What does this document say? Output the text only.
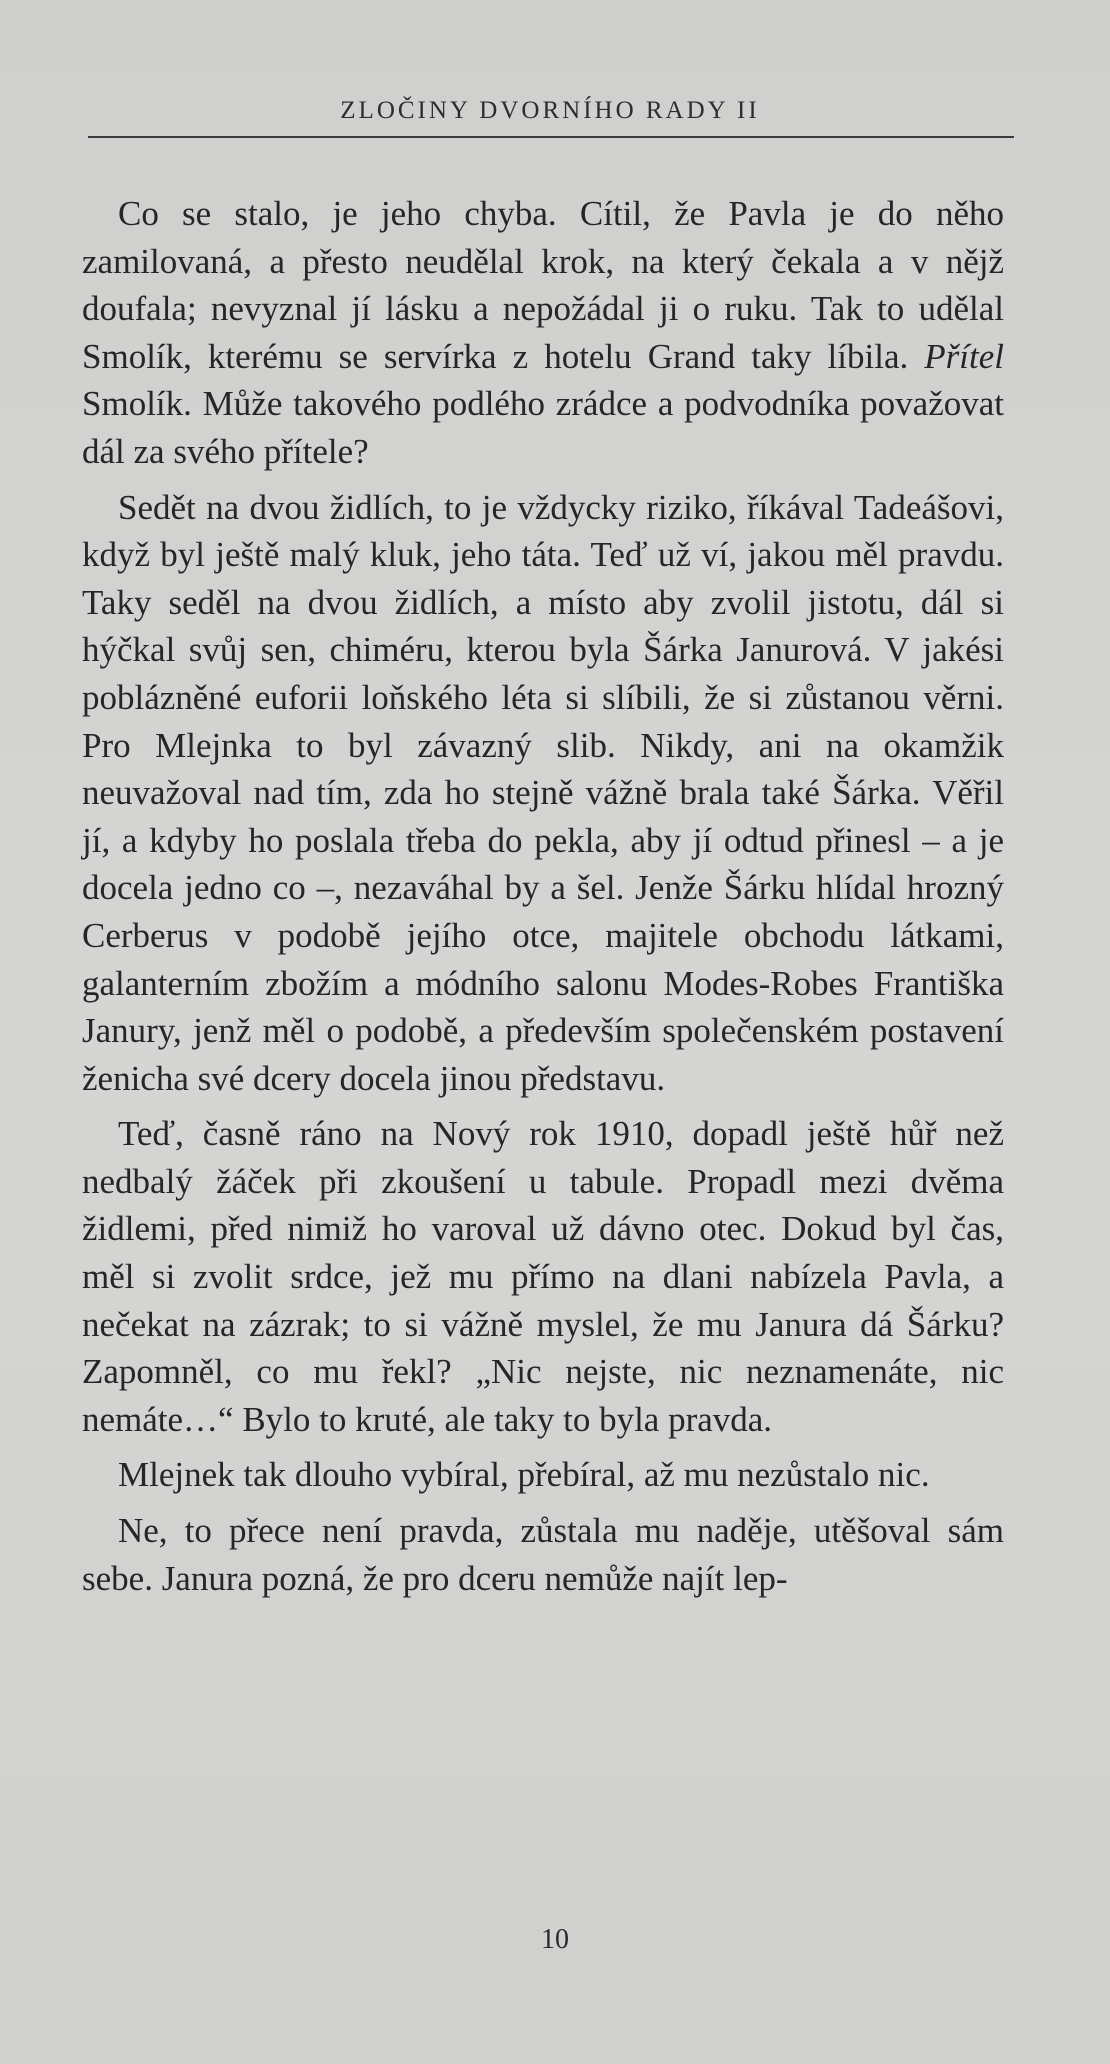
ZLOČINY DVORNÍHO RADY II

Co se stalo, je jeho chyba. Cítil, že Pavla je do něho zamilovaná, a přesto neudělal krok, na který čekala a v nějž doufala; nevyznal jí lásku a nepožádal ji o ruku. Tak to udělal Smolík, kterému se servírka z hotelu Grand taky líbila. Přítel Smolík. Může takového podlého zrádce a podvodníka považovat dál za svého přítele?

Sedět na dvou židlích, to je vždycky riziko, říkával Tadeášovi, když byl ještě malý kluk, jeho táta. Teď už ví, jakou měl pravdu. Taky seděl na dvou židlích, a místo aby zvolil jistotu, dál si hýčkal svůj sen, chiméru, kterou byla Šárka Janurová. V jakési poblázněné euforii loňského léta si slíbili, že si zůstanou věrni. Pro Mlejnka to byl závazný slib. Nikdy, ani na okamžik neuvažoval nad tím, zda ho stejně vážně brala také Šárka. Věřil jí, a kdyby ho poslala třeba do pekla, aby jí odtud přinesl – a je docela jedno co –, nezaváhal by a šel. Jenže Šárku hlídal hrozný Cerberus v podobě jejího otce, majitele obchodu látkami, galanterním zbožím a módního salonu Modes-Robes Františka Janury, jenž měl o podobě, a především společenském postavení ženicha své dcery docela jinou představu.

Teď, časně ráno na Nový rok 1910, dopadl ještě hůř než nedbalý žáček při zkoušení u tabule. Propadl mezi dvěma židlemi, před nimiž ho varoval už dávno otec. Dokud byl čas, měl si zvolit srdce, jež mu přímo na dlani nabízela Pavla, a nečekat na zázrak; to si vážně myslel, že mu Janura dá Šárku? Zapomněl, co mu řekl? „Nic nejste, nic neznamenáte, nic nemáte…“ Bylo to kruté, ale taky to byla pravda.

Mlejnek tak dlouho vybíral, přebíral, až mu nezůstalo nic.

Ne, to přece není pravda, zůstala mu naděje, utěšoval sám sebe. Janura pozná, že pro dceru nemůže najít lep-

10
